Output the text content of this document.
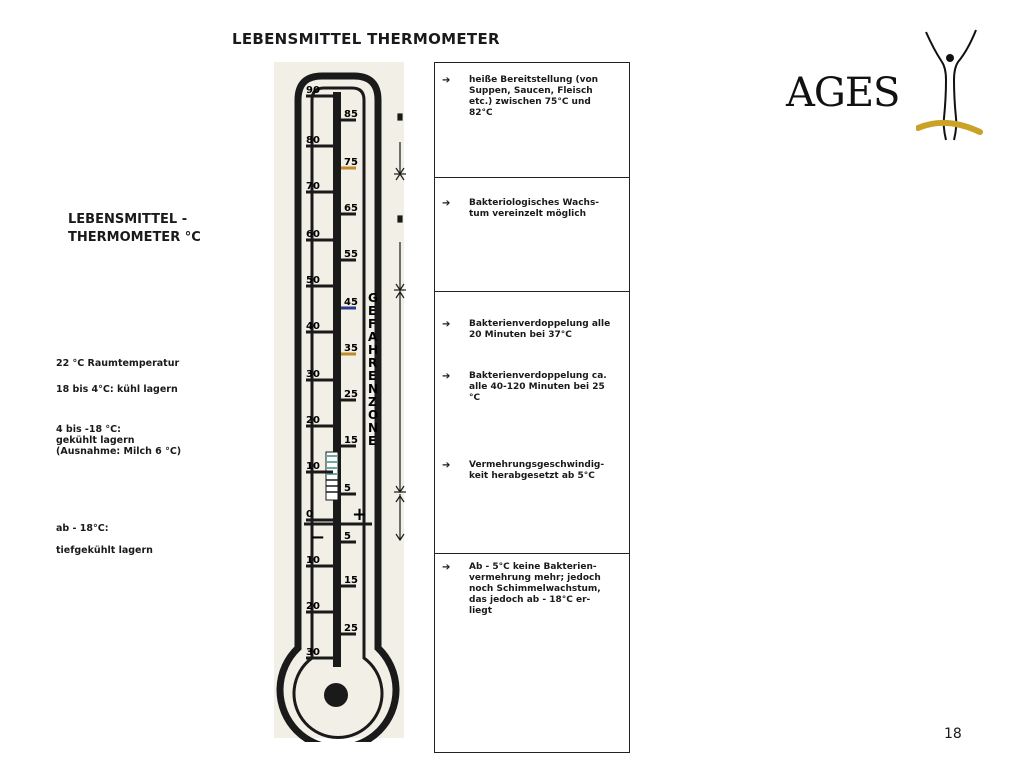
LEBENSMITTEL THERMOMETER
LEBENSMITTEL -
THERMOMETER °C
22 °C Raumtemperatur
18 bis 4°C: kühl lagern
4 bis -18 °C:
gekühlt lagern
(Ausnahme: Milch 6 °C)
ab - 18°C:
tiefgekühlt lagern
+
−
90
80
70
60
50
40
30
20
10
0
10
20
30
85
75
65
55
45
35
25
15
5
5
15
25
G
E
F
A
H
R
E
N
Z
O
N
E
➔ heiße Bereitstellung (von
Suppen, Saucen, Fleisch
etc.) zwischen 75°C und
82°C
➔ Bakteriologisches Wachs-
tum vereinzelt möglich
➔ Bakterienverdoppelung alle
20 Minuten bei 37°C
➔ Bakterienverdoppelung ca.
alle 40-120 Minuten bei 25
°C
➔ Vermehrungsgeschwindig-
keit herabgesetzt ab 5°C
➔ Ab - 5°C keine Bakterien-
vermehrung mehr; jedoch
noch Schimmelwachstum,
das jedoch ab - 18°C er-
liegt
AGES
18
